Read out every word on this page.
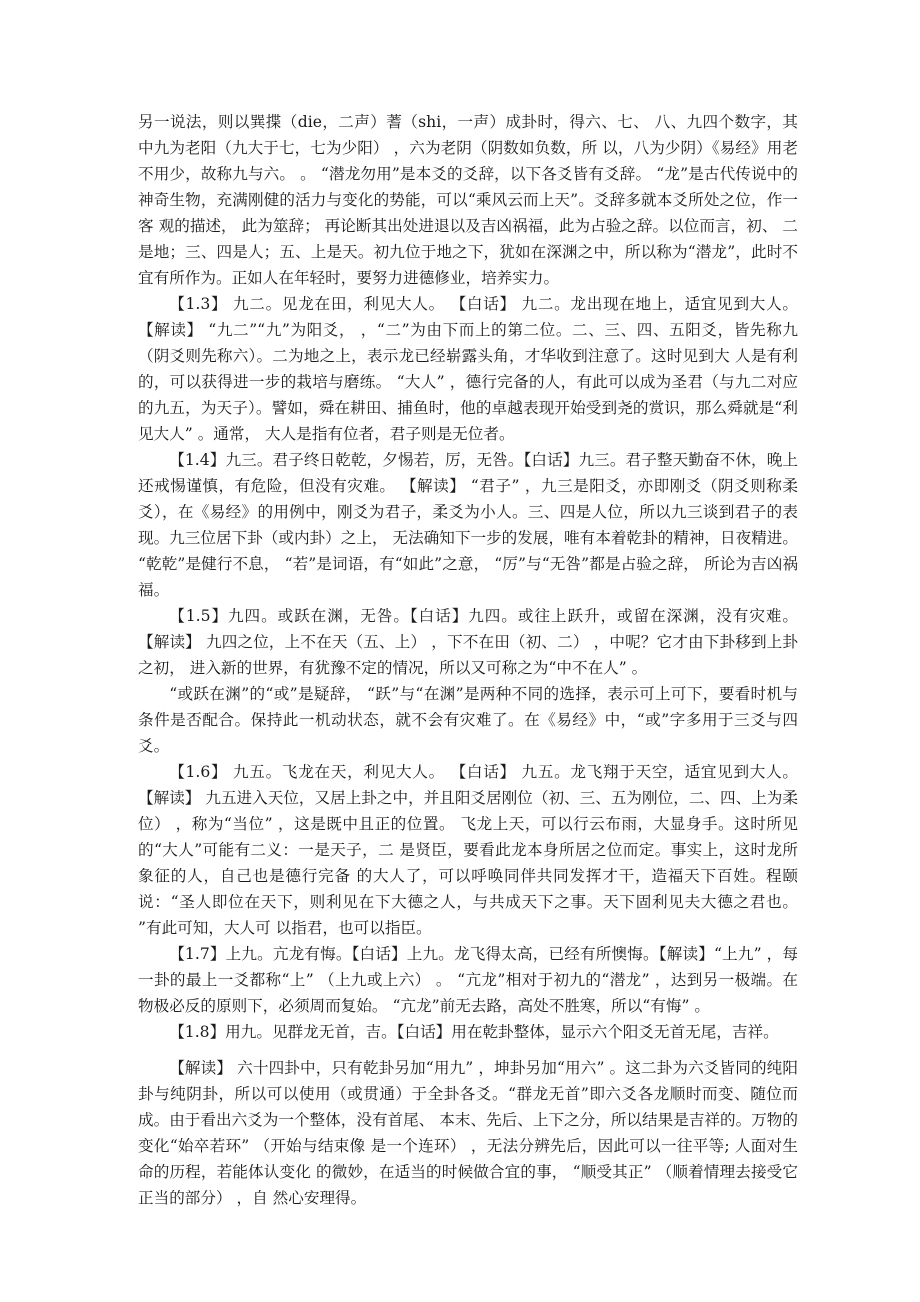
另一说法，则以巽揲（die，二声）蓍（shi，一声）成卦时，得六、七、 八、九四个数字，其中九为老阳（九大于七，七为少阳） ，六为老阴（阴数如负数，所 以，八为少阴）《易经》用老不用少，故称九与六。 。 “潜龙勿用”是本爻的爻辞，以下各爻皆有爻辞。 “龙”是古代传说中的神奇生物，充满刚健的活力与变化的势能，可以“乘风云而上天”。爻辞多就本爻所处之位，作一客 观的描述， 此为筮辞； 再论断其出处进退以及吉凶祸福，此为占验之辞。以位而言，初、 二是地；三、四是人；五、上是天。初九位于地之下，犹如在深渊之中，所以称为“潜龙”，此时不宜有所作为。正如人在年轻时，要努力进德修业，培养实力。

【1.3】 九二。见龙在田，利见大人。 【白话】 九二。龙出现在地上，适宜见到大人。 【解读】 “九二”“九”为阳爻， ，“二”为由下而上的第二位。二、三、四、五阳爻，皆先称九（阴爻则先称六）。二为地之上，表示龙已经崭露头角，才华收到注意了。这时见到大 人是有利的，可以获得进一步的栽培与磨练。 “大人” ，德行完备的人，有此可以成为圣君（与九二对应的九五，为天子）。譬如，舜在耕田、捕鱼时，他的卓越表现开始受到尧的赏识，那么舜就是“利见大人” 。通常， 大人是指有位者，君子则是无位者。

【1.4】九三。君子终日乾乾，夕惕若，厉，无咎。【白话】九三。君子整天勤奋不休，晚上还戒惕谨慎，有危险，但没有灾难。 【解读】 “君子” ，九三是阳爻，亦即刚爻（阴爻则称柔爻），在《易经》的用例中，刚爻为君子，柔爻为小人。三、四是人位，所以九三谈到君子的表现。九三位居下卦（或内卦）之上， 无法确知下一步的发展，唯有本着乾卦的精神，日夜精进。 “乾乾”是健行不息， “若”是词语，有“如此”之意， “厉”与“无咎”都是占验之辞， 所论为吉凶祸福。

【1.5】九四。或跃在渊，无咎。【白话】九四。或往上跃升，或留在深渊，没有灾难。 【解读】 九四之位，上不在天（五、上） ，下不在田（初、二） ，中呢？它才由下卦移到上卦之初， 进入新的世界，有犹豫不定的情况，所以又可称之为“中不在人” 。

“或跃在渊”的“或”是疑辞， “跃”与“在渊”是两种不同的选择，表示可上可下，要看时机与条件是否配合。保持此一机动状态，就不会有灾难了。在《易经》中，“或”字多用于三爻与四爻。

【1.6】 九五。飞龙在天，利见大人。 【白话】 九五。龙飞翔于天空，适宜见到大人。 【解读】 九五进入天位，又居上卦之中，并且阳爻居刚位（初、三、五为刚位，二、四、上为柔 位） ，称为“当位” ，这是既中且正的位置。 飞龙上天，可以行云布雨，大显身手。这时所见的“大人”可能有二义：一是天子，二 是贤臣，要看此龙本身所居之位而定。事实上，这时龙所象征的人，自己也是德行完备 的大人了，可以呼唤同伴共同发挥才干，造福天下百姓。程颐说：“圣人即位在天下，则利见在下大德之人，与共成天下之事。天下固利见夫大德之君也。 ”有此可知，大人可 以指君，也可以指臣。

【1.7】上九。亢龙有悔。【白话】上九。龙飞得太高，已经有所懊悔。【解读】“上九” ，每一卦的最上一爻都称“上” （上九或上六） 。 “亢龙”相对于初九的“潜龙” ，达到另一极端。在物极必反的原则下，必须周而复始。 “亢龙”前无去路，高处不胜寒，所以“有悔” 。

【1.8】用九。见群龙无首，吉。【白话】用在乾卦整体，显示六个阳爻无首无尾，吉祥。

【解读】 六十四卦中，只有乾卦另加“用九” ，坤卦另加“用六” 。这二卦为六爻皆同的纯阳卦与纯阴卦，所以可以使用（或贯通）于全卦各爻。“群龙无首”即六爻各龙顺时而变、随位而成。由于看出六爻为一个整体，没有首尾、 本末、先后、上下之分，所以结果是吉祥的。万物的变化“始卒若环” （开始与结束像 是一个连环） ，无法分辨先后，因此可以一往平等; 人面对生命的历程，若能体认变化 的微妙，在适当的时候做合宜的事， “顺受其正” （顺着情理去接受它正当的部分） ，自 然心安理得。
